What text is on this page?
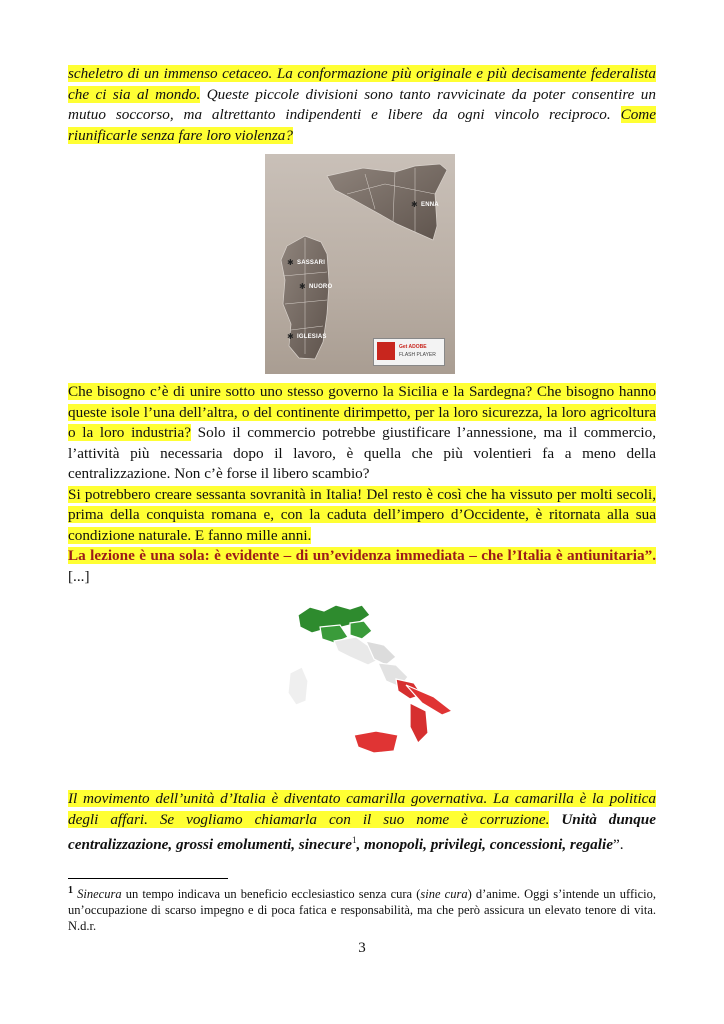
scheletro di un immenso cetaceo. La conformazione più originale e più decisamente federalista che ci sia al mondo. Queste piccole divisioni sono tanto ravvicinate da poter consentire un mutuo soccorso, ma altrettanto indipendenti e libere da ogni vincolo reciproco. Come riunificarle senza fare loro violenza?

✱ ENNA
✱ SASSARI
✱ NUORO
✱ IGLESIAS
Get ADOBE
FLASH PLAYER

Che bisogno c’è di unire sotto uno stesso governo la Sicilia e la Sardegna? Che bisogno hanno queste isole l’una dell’altra, o del continente dirimpetto, per la loro sicurezza, la loro agricoltura o la loro industria? Solo il commercio potrebbe giustificare l’annessione, ma il commercio, l’attività più necessaria dopo il lavoro, è quella che più volentieri fa a meno della centralizzazione. Non c’è forse il libero scambio?

Si potrebbero creare sessanta sovranità in Italia! Del resto è così che ha vissuto per molti secoli, prima della conquista romana e, con la caduta dell’impero d’Occidente, è ritornata alla sua condizione naturale. E fanno mille anni.

La lezione è una sola: è evidente – di un’evidenza immediata – che l’Italia è antiunitaria”. [...]

Il movimento dell’unità d’Italia è diventato camarilla governativa. La camarilla è la politica degli affari. Se vogliamo chiamarla con il suo nome è corruzione. Unità dunque centralizzazione, grossi emolumenti, sinecure$^1$, monopoli, privilegi, concessioni, regalie”.

$^1$ Sinecura un tempo indicava un beneficio ecclesiastico senza cura (sine cura) d’anime. Oggi s’intende un ufficio, un’occupazione di scarso impegno e di poca fatica e responsabilità, ma che però assicura un elevato tenore di vita. N.d.r.

3
